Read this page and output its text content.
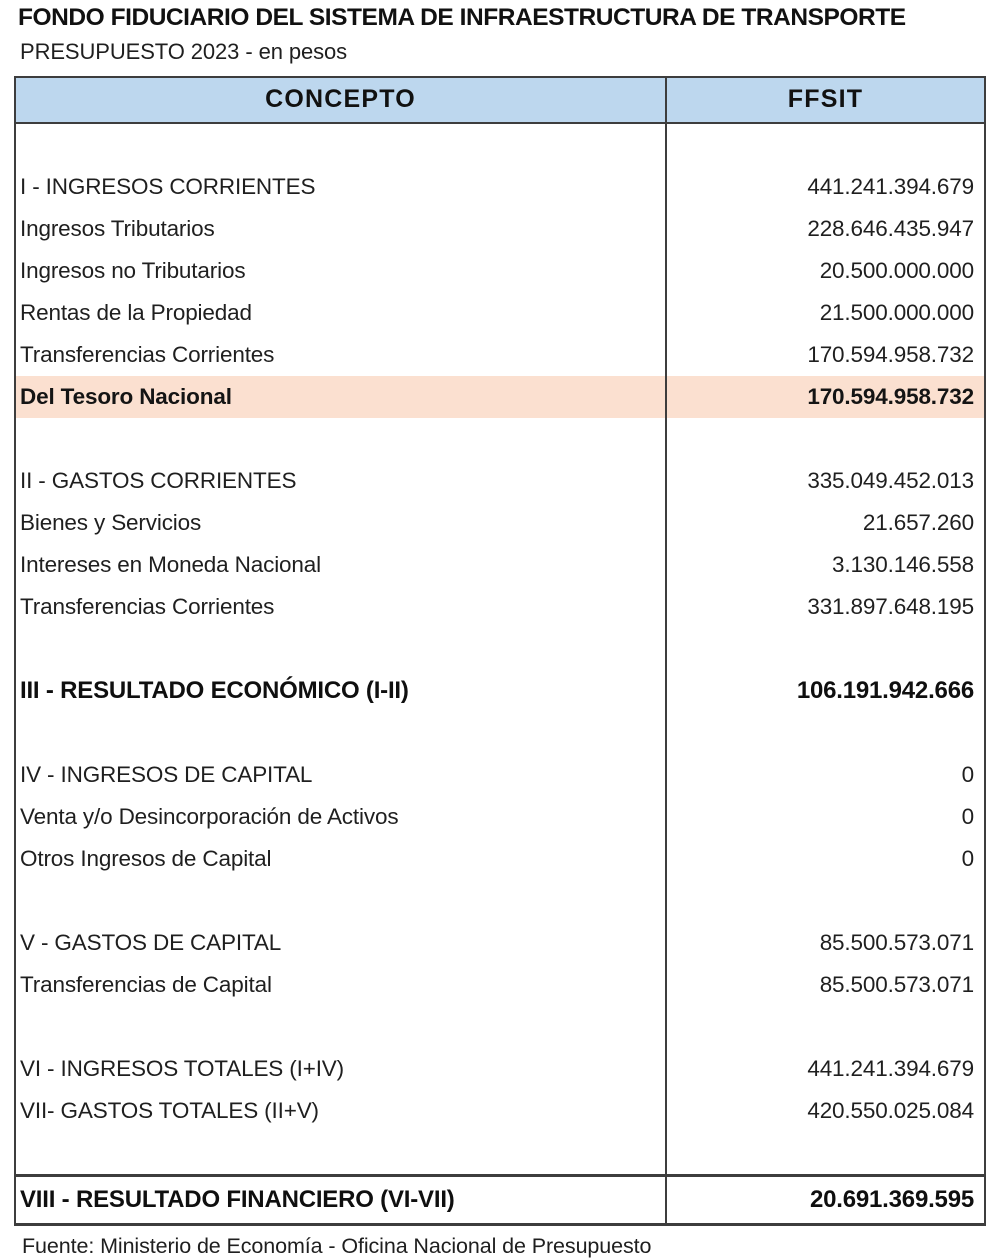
FONDO FIDUCIARIO DEL SISTEMA DE INFRAESTRUCTURA DE TRANSPORTE
PRESUPUESTO 2023 - en pesos
CONCEPTO	FFSIT

I - INGRESOS CORRIENTES	441.241.394.679
Ingresos Tributarios	228.646.435.947
Ingresos no Tributarios	20.500.000.000
Rentas de la Propiedad	21.500.000.000
Transferencias Corrientes	170.594.958.732
Del Tesoro Nacional	170.594.958.732

II - GASTOS CORRIENTES	335.049.452.013
Bienes y Servicios	21.657.260
Intereses en Moneda Nacional	3.130.146.558
Transferencias Corrientes	331.897.648.195

III - RESULTADO ECONÓMICO (I-II)	106.191.942.666

IV - INGRESOS DE CAPITAL	0
Venta y/o Desincorporación de Activos	0
Otros Ingresos de Capital	0

V - GASTOS DE CAPITAL	85.500.573.071
Transferencias de Capital	85.500.573.071

VI - INGRESOS TOTALES (I+IV)	441.241.394.679
VII- GASTOS TOTALES (II+V)	420.550.025.084

VIII - RESULTADO FINANCIERO (VI-VII)	20.691.369.595
Fuente: Ministerio de Economía - Oficina Nacional de Presupuesto
